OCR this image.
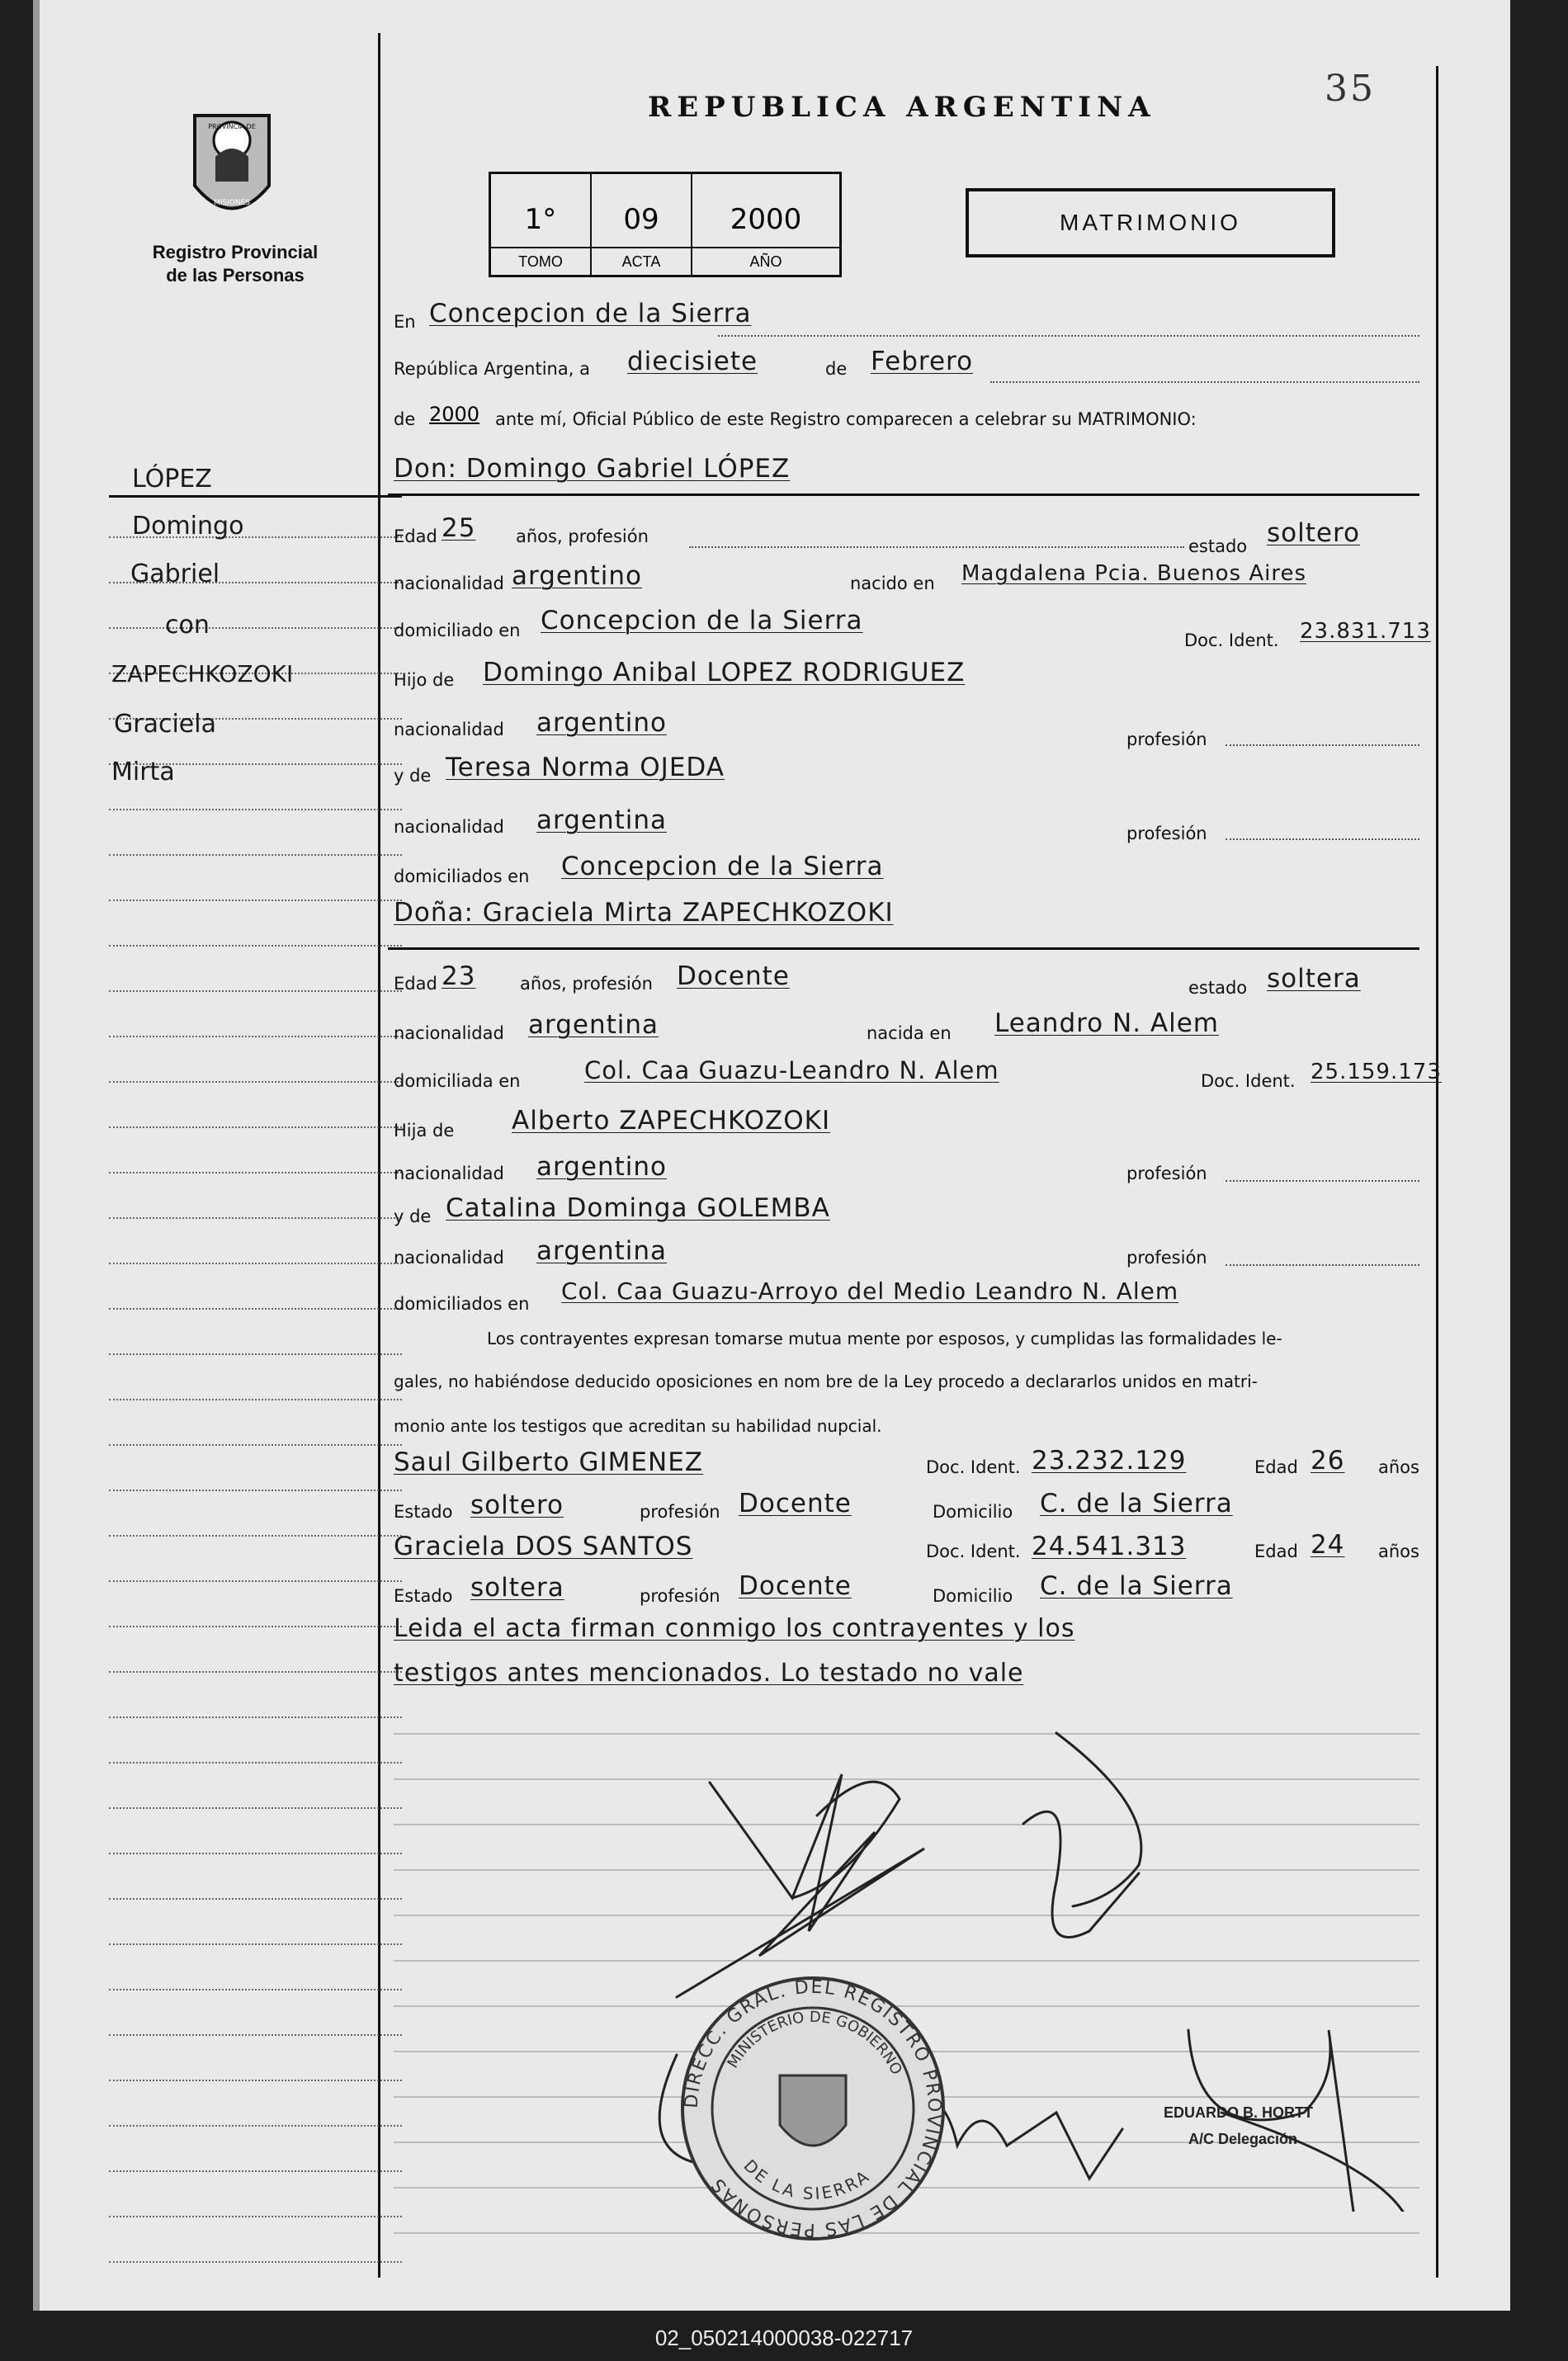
PROVINCIA DE
MISIONES
Registro Provincial
de las Personas
REPUBLICA ARGENTINA	35
1°
TOMO
09
ACTA
2000
AÑO
MATRIMONIO
LÓPEZ
Domingo
Gabriel
con
ZAPECHKOZOKI
Graciela
Mirta
En Concepcion de la Sierra
República Argentina, a diecisiete	de Febrero
de 2000 ante mí, Oficial Público de este Registro comparecen a celebrar su MATRIMONIO:
Don: Domingo Gabriel LÓPEZ
Edad 25 años, profesión	estado soltero
nacionalidad argentino	nacido en Magdalena Pcia. Buenos Aires
domiciliado en Concepcion de la Sierra
Doc. Ident. 23.831.713
Hijo de Domingo Anibal LOPEZ RODRIGUEZ
nacionalidad argentino
profesión
y de Teresa Norma OJEDA
nacionalidad argentina	profesión
domiciliados en Concepcion de la Sierra
Doña: Graciela Mirta ZAPECHKOZOKI
Edad 23	años, profesión Docente	estado soltera
nacionalidad argentina	nacida en Leandro N. Alem
domiciliada en	Col. Caa Guazu-Leandro N. Alem	Doc. Ident. 25.159.173
Hija de Alberto ZAPECHKOZOKI
nacionalidad argentino	profesión
y de Catalina Dominga GOLEMBA
nacionalidad argentina	profesión
domiciliados en Col. Caa Guazu-Arroyo del Medio Leandro N. Alem
Los contrayentes expresan tomarse mutua mente por esposos, y cumplidas las formalidades le-
gales, no habiéndose deducido oposiciones en nom bre de la Ley procedo a declararlos unidos en matri-
monio ante los testigos que acreditan su habilidad nupcial.
Saul Gilberto GIMENEZ	Doc. Ident. 23.232.129	Edad 26 años
Estado soltero	profesión Docente	Domicilio C. de la Sierra
Graciela DOS SANTOS	Doc. Ident. 24.541.313	Edad 24 años
Estado soltera	profesión Docente	Domicilio C. de la Sierra
Leida el acta firman conmigo los contrayentes y los
testigos antes mencionados. Lo testado no vale
DIRECC. GRAL. DEL REGISTRO PROVINCIAL DE LAS PERSONAS
MINISTERIO DE GOBIERNO
DE LA SIERRA
EDUARDO B. HORTT
A/C Delegación
02_050214000038-022717
